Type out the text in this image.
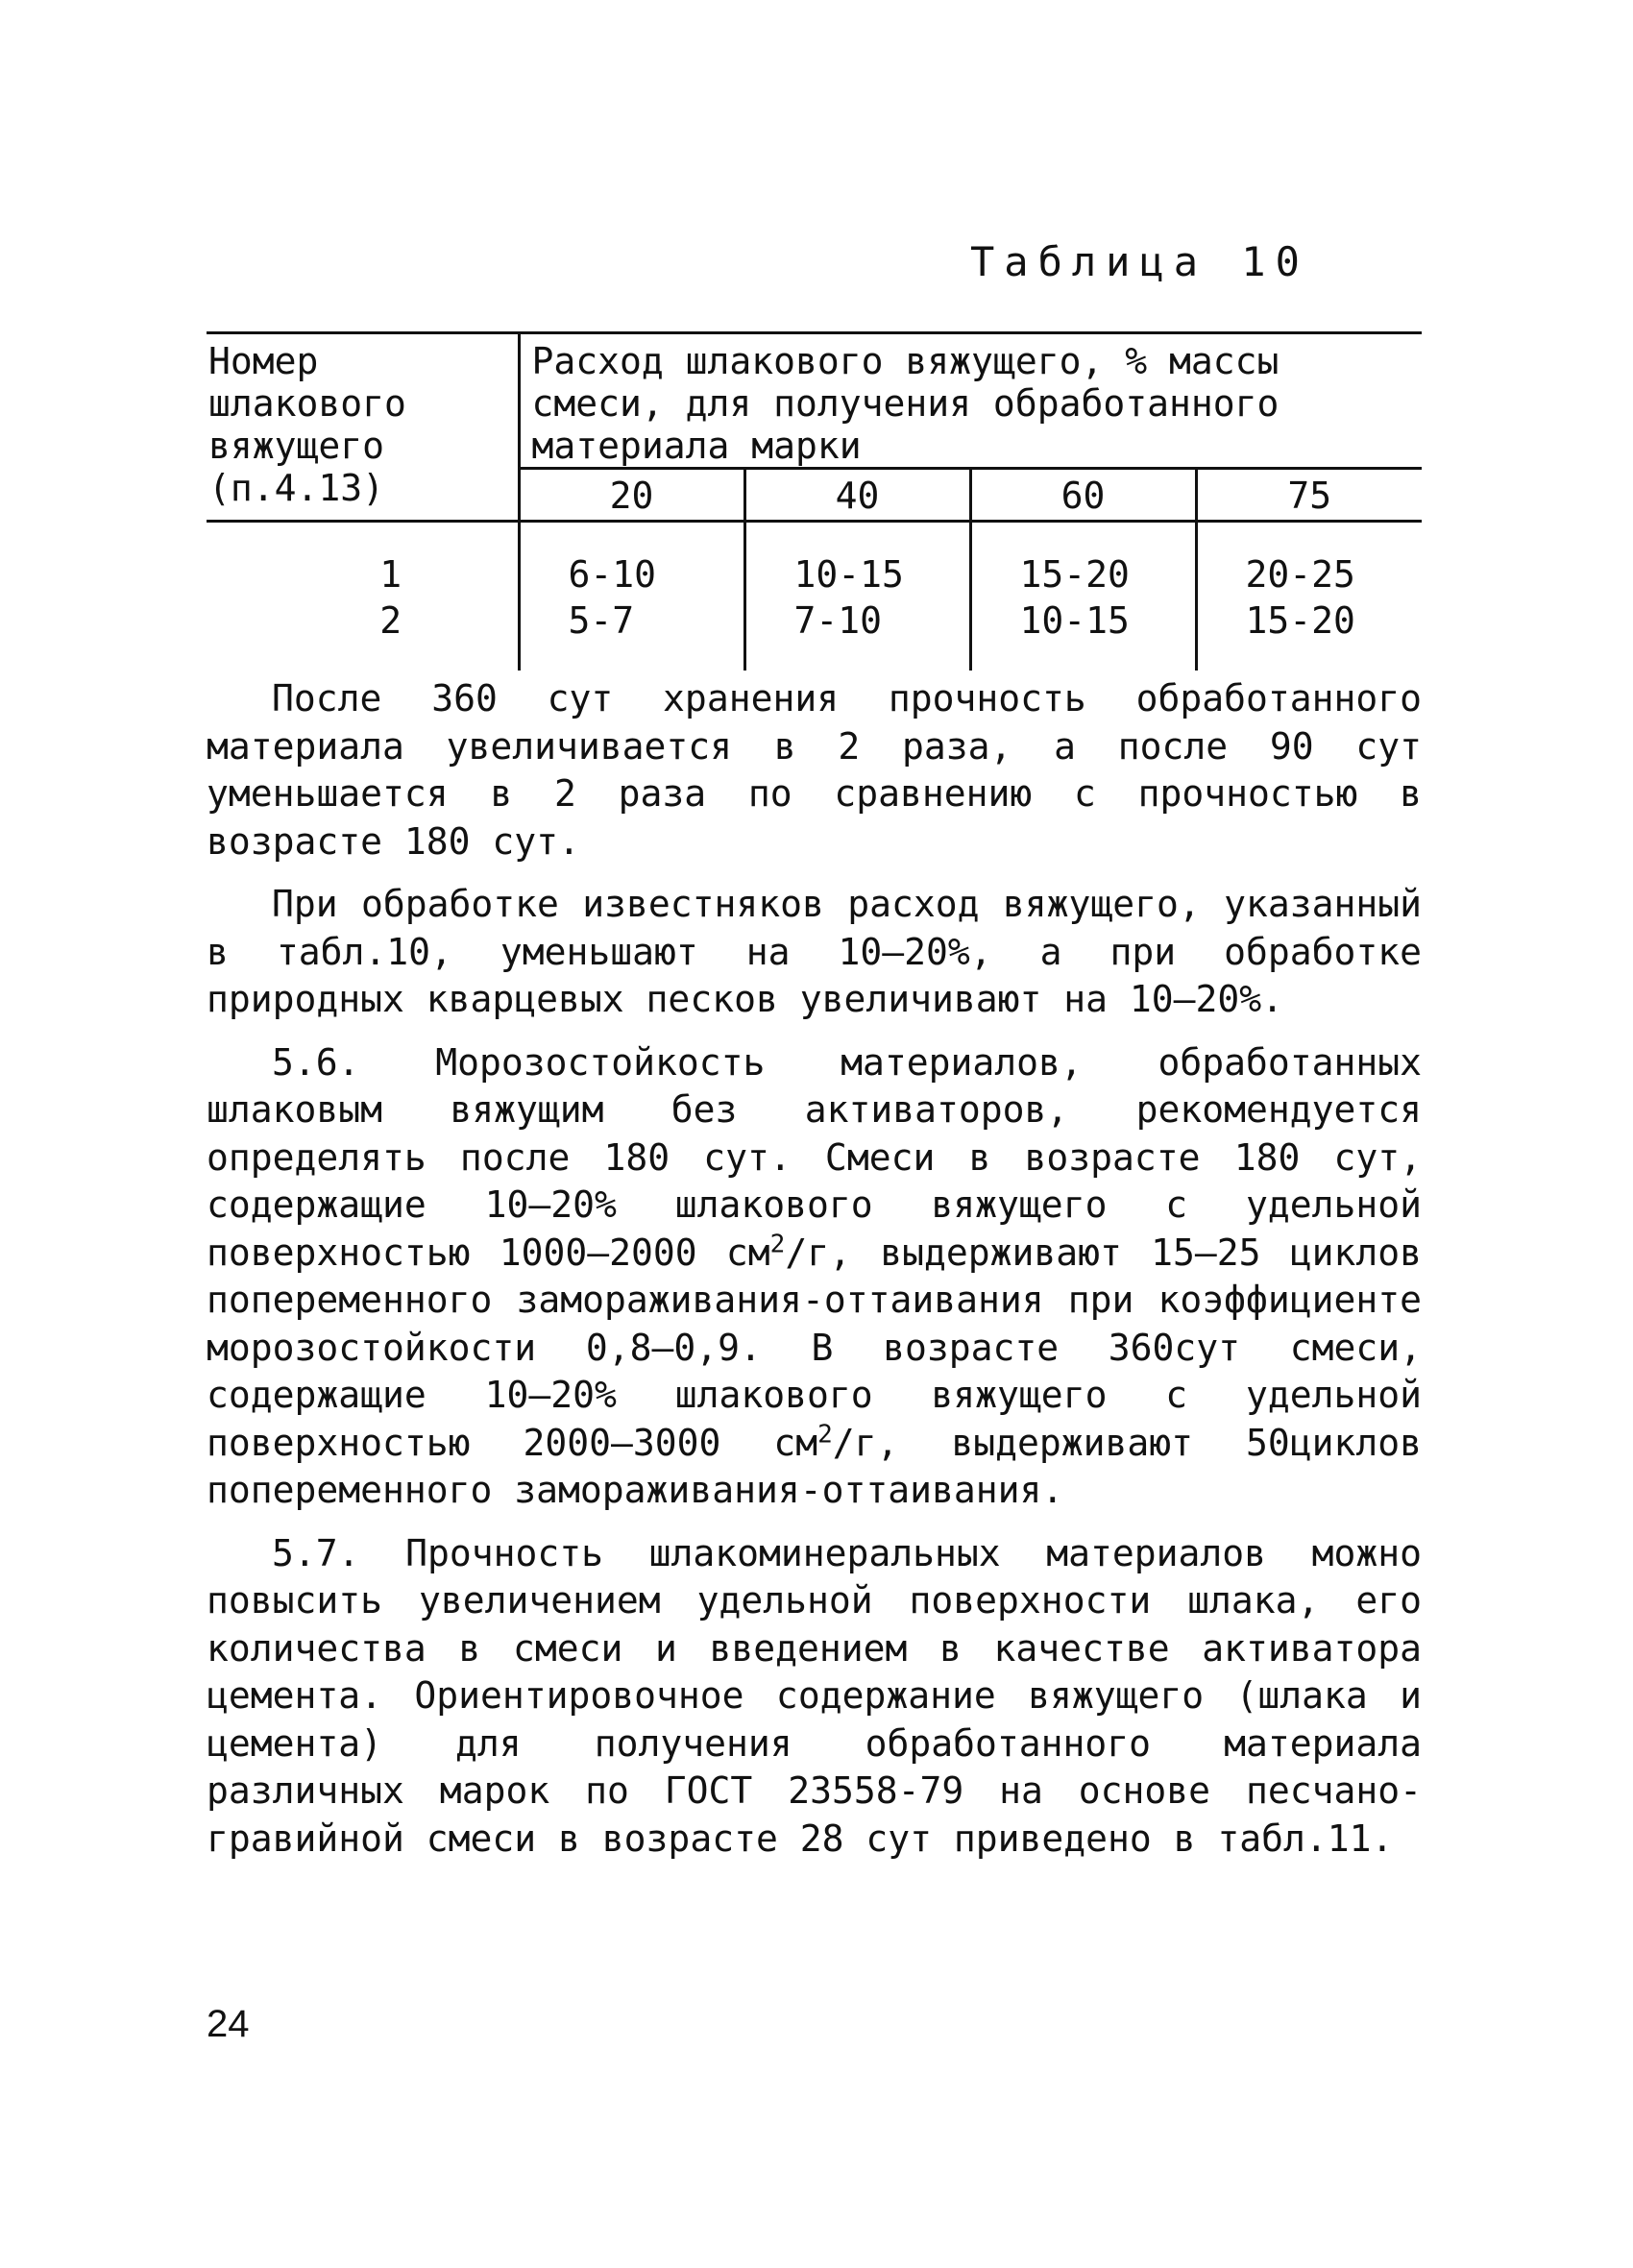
Таблица 10
Номер шлакового вяжущего (п.4.13)	Расход шлакового вяжущего, % массы смеси, для получения обработанного материала марки			
	20	40	60	75
1	6-10	10-15	15-20	20-25
2	5-7	7-10	10-15	15-20

После 360 сут хранения прочность обработанного материала увеличивается в 2 раза, а после 90 сут уменьшается в 2 раза по сравнению с прочностью в возрасте 180 сут.

При обработке известняков расход вяжущего, указанный в табл.10, уменьшают на 10–20%, а при обработке природных кварцевых песков увеличивают на 10–20%.

5.6. Морозостойкость материалов, обработанных шлаковым вяжущим без активаторов, рекомендуется определять после 180 сут. Смеси в возрасте 180 сут, содержащие 10–20% шлакового вяжущего с удельной поверхностью 1000–2000 $см^2/г$, выдерживают 15–25 циклов попеременного замораживания-оттаивания при коэффициенте морозостойкости 0,8–0,9. В возрасте 360сут смеси, содержащие 10–20% шлакового вяжущего с удельной поверхностью 2000–3000 $см^2/г$, выдерживают 50циклов попеременного замораживания-оттаивания.

5.7. Прочность шлакоминеральных материалов можно повысить увеличением удельной поверхности шлака, его количества в смеси и введением в качестве активатора цемента. Ориентировочное содержание вяжущего (шлака и цемента) для получения обработанного материала различных марок по ГОСТ 23558-79 на основе песчано-гравийной смеси в возрасте 28 сут приведено в табл.11.

24
